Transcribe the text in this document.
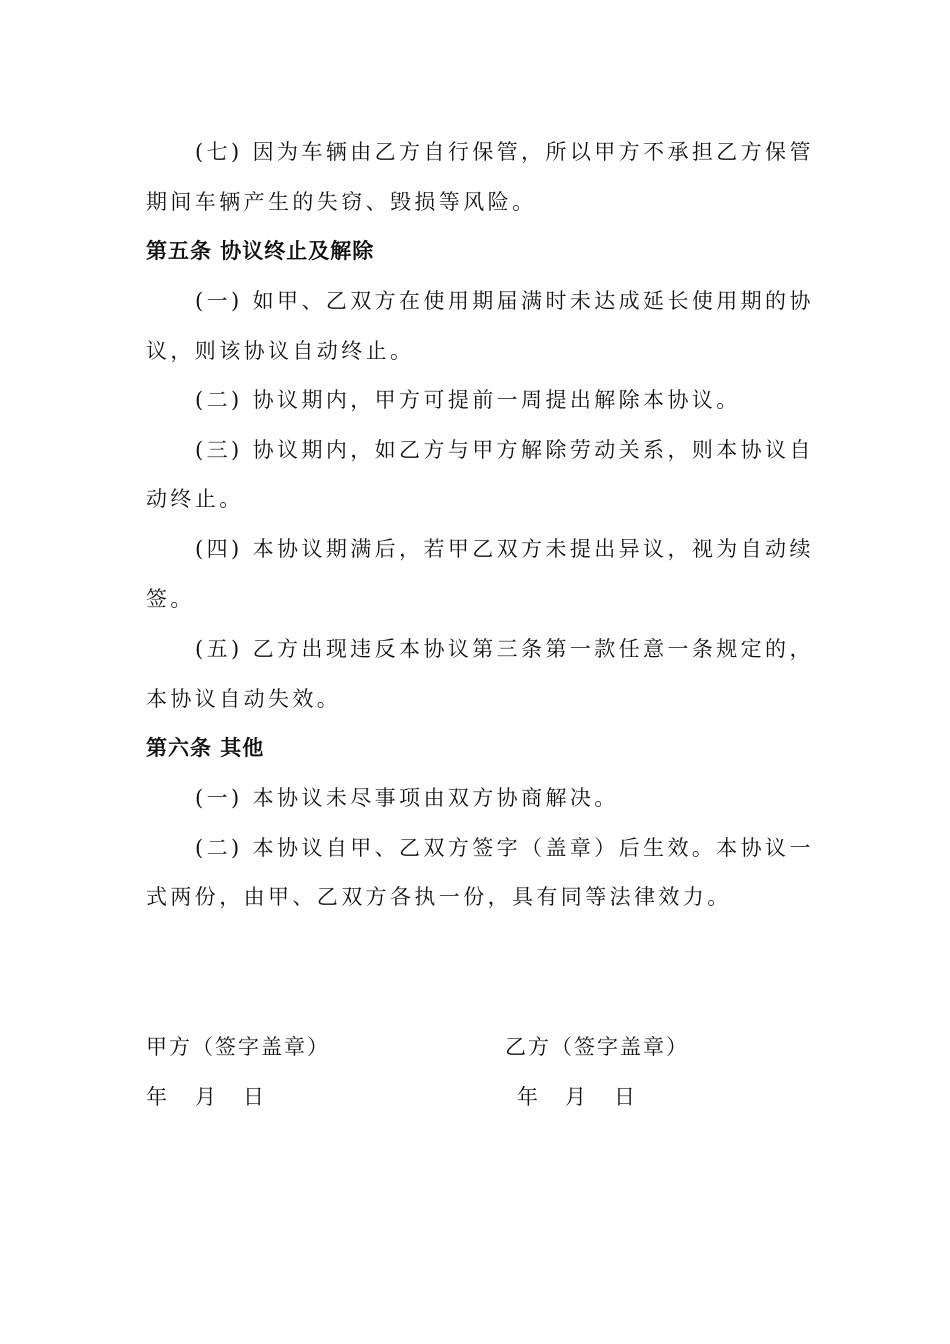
(七) 因为车辆由乙方自行保管，所以甲方不承担乙方保管
期间车辆产生的失窃、毁损等风险。
第五条 协议终止及解除
(一) 如甲、乙双方在使用期届满时未达成延长使用期的协
议，则该协议自动终止。
(二) 协议期内，甲方可提前一周提出解除本协议。
(三) 协议期内，如乙方与甲方解除劳动关系，则本协议自
动终止。
(四) 本协议期满后，若甲乙双方未提出异议，视为自动续
签。
(五) 乙方出现违反本协议第三条第一款任意一条规定的，
本协议自动失效。
第六条 其他
(一) 本协议未尽事项由双方协商解决。
(二) 本协议自甲、乙双方签字（盖章）后生效。本协议一
式两份，由甲、乙双方各执一份，具有同等法律效力。
甲方（签字盖章）	乙方（签字盖章）
年 月 日	年 月 日
